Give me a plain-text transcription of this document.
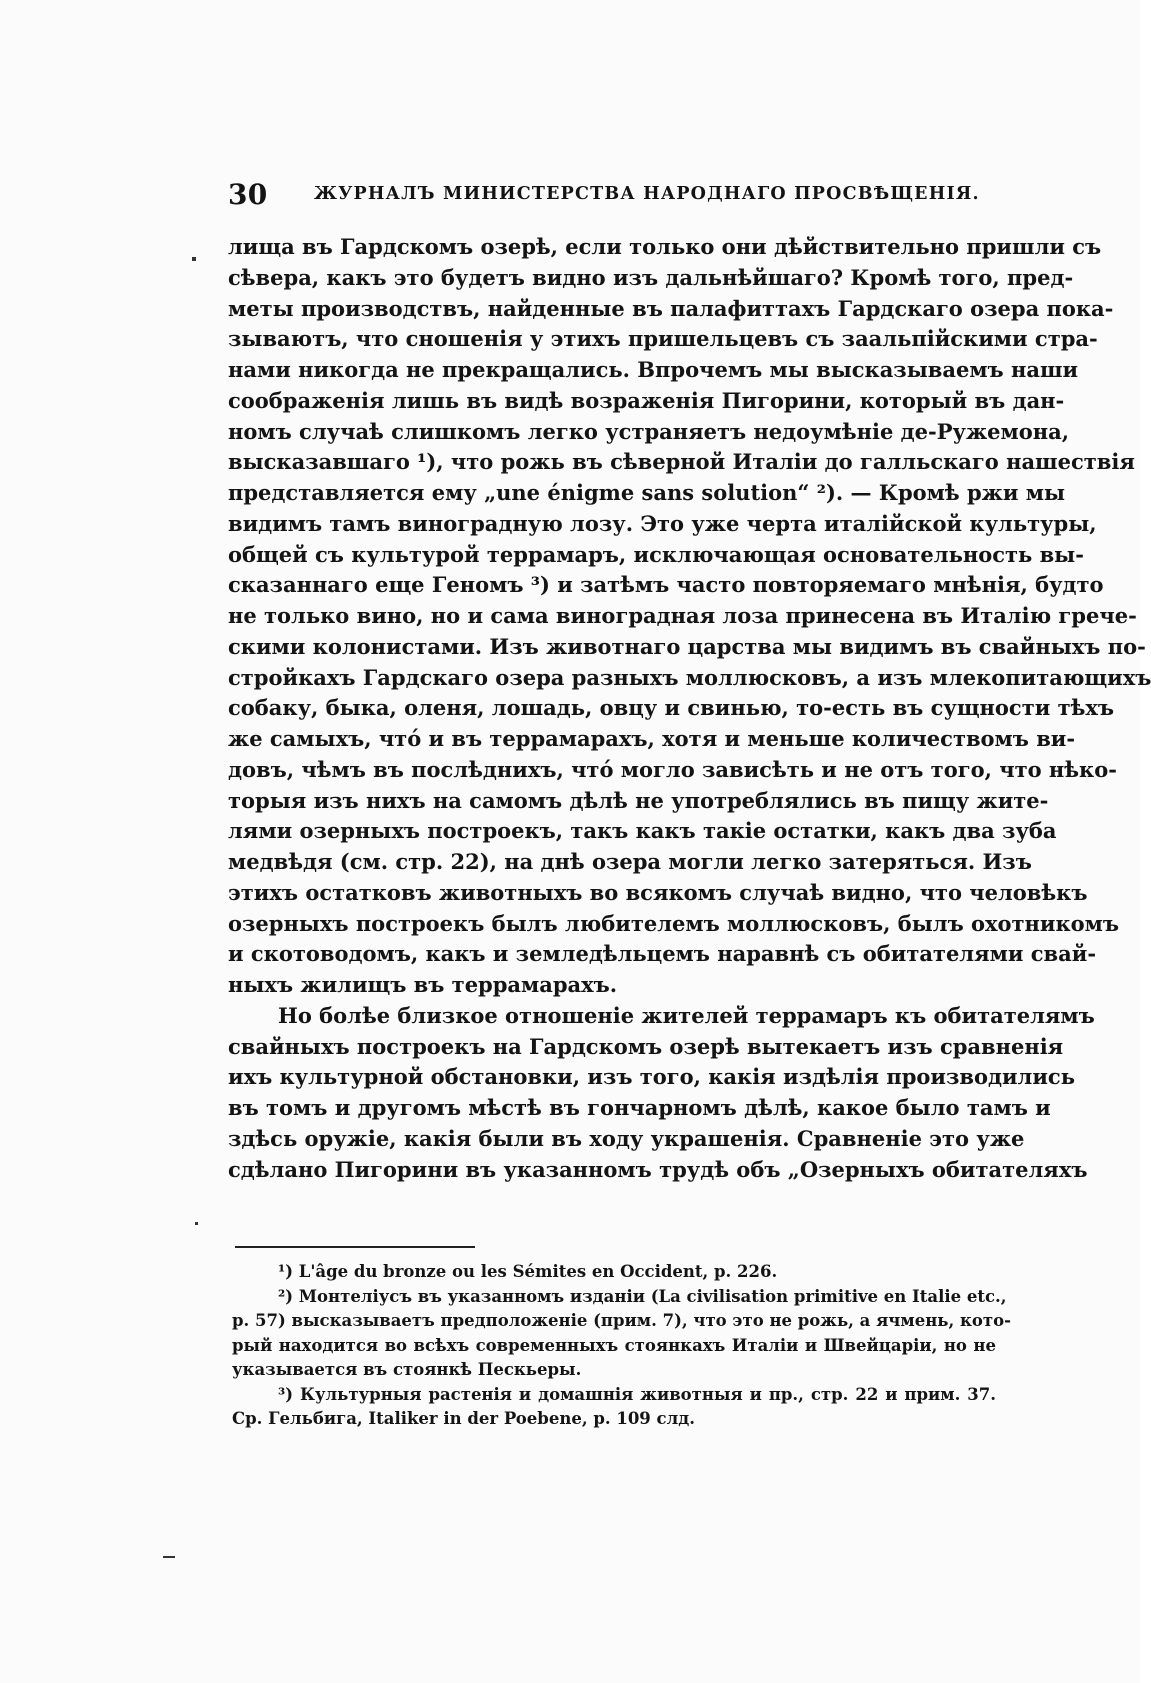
30	ЖУРНАЛЪ МИНИСТЕРСТВА НАРОДНАГО ПРОСВѢЩЕНІЯ.
лища въ Гардскомъ озерѣ, если только они дѣйствительно пришли съ
сѣвера, какъ это будетъ видно изъ дальнѣйшаго? Кромѣ того, пред-
меты производствъ, найденные въ палафиттахъ Гардскаго озера пока-
зываютъ, что сношенія у этихъ пришельцевъ съ заальпійскими стра-
нами никогда не прекращались. Впрочемъ мы высказываемъ наши
соображенія лишь въ видѣ возраженія Пигорини, который въ дан-
номъ случаѣ слишкомъ легко устраняетъ недоумѣніе де-Ружемона,
высказавшаго ¹), что рожь въ сѣверной Италіи до галльскаго нашествія
представляется ему „une énigme sans solution“ ²). — Кромѣ ржи мы
видимъ тамъ виноградную лозу. Это уже черта италійской культуры,
общей съ культурой террамаръ, исключающая основательность вы-
сказаннаго еще Геномъ ³) и затѣмъ часто повторяемаго мнѣнія, будто
не только вино, но и сама виноградная лоза принесена въ Италію грече-
скими колонистами. Изъ животнаго царства мы видимъ въ свайныхъ по-
стройкахъ Гардскаго озера разныхъ моллюсковъ, а изъ млекопитающихъ
собаку, быка, оленя, лошадь, овцу и свинью, то-есть въ сущности тѣхъ
же самыхъ, что́ и въ террамарахъ, хотя и меньше количествомъ ви-
довъ, чѣмъ въ послѣднихъ, что́ могло зависѣть и не отъ того, что нѣко-
торыя изъ нихъ на самомъ дѣлѣ не употреблялись въ пищу жите-
лями озерныхъ построекъ, такъ какъ такіе остатки, какъ два зуба
медвѣдя (см. стр. 22), на днѣ озера могли легко затеряться. Изъ
этихъ остатковъ животныхъ во всякомъ случаѣ видно, что человѣкъ
озерныхъ построекъ былъ любителемъ моллюсковъ, былъ охотникомъ
и скотоводомъ, какъ и земледѣльцемъ наравнѣ съ обитателями свай-
ныхъ жилищъ въ террамарахъ.
Но болѣе близкое отношеніе жителей террамаръ къ обитателямъ
свайныхъ построекъ на Гардскомъ озерѣ вытекаетъ изъ сравненія
ихъ культурной обстановки, изъ того, какія издѣлія производились
въ томъ и другомъ мѣстѣ въ гончарномъ дѣлѣ, какое было тамъ и
здѣсь оружіе, какія были въ ходу украшенія. Сравненіе это уже
сдѣлано Пигорини въ указанномъ трудѣ объ „Озерныхъ обитателяхъ
¹) L'âge du bronze ou les Sémites en Occident, p. 226.
²) Монтеліусъ въ указанномъ изданіи (La civilisation primitive en Italie etc.,
р. 57) высказываетъ предположеніе (прим. 7), что это не рожь, а ячмень, кото-
рый находится во всѣхъ современныхъ стоянкахъ Италіи и Швейцаріи, но не
указывается въ стоянкѣ Пескьеры.
³) Культурныя растенія и домашнія животныя и пр., стр. 22 и прим. 37.
Ср. Гельбига, Italiker in der Poebene, p. 109 слд.
